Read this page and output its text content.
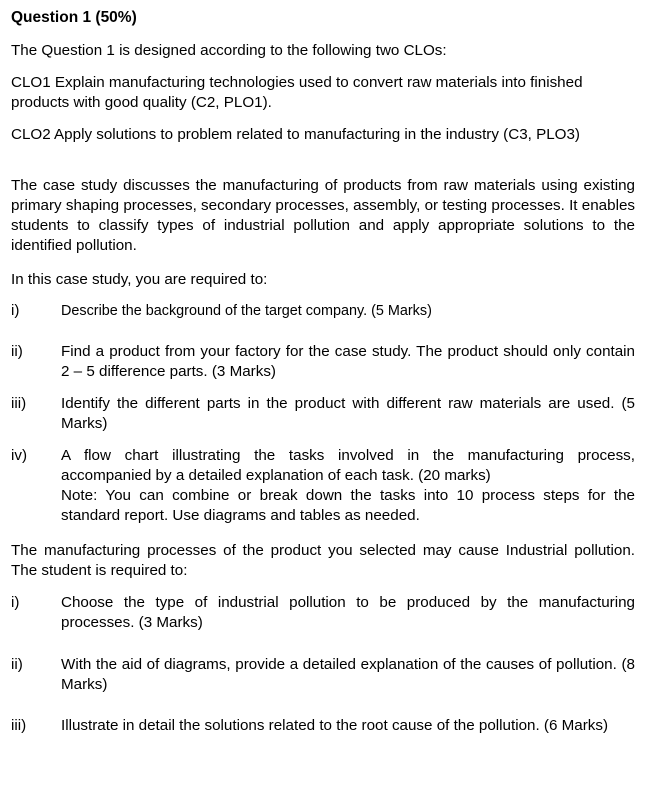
Question 1 (50%)

The Question 1 is designed according to the following two CLOs:

CLO1 Explain manufacturing technologies used to convert raw materials into finished products with good quality (C2, PLO1).

CLO2 Apply solutions to problem related to manufacturing in the industry (C3, PLO3)

The case study discusses the manufacturing of products from raw materials using existing primary shaping processes, secondary processes, assembly, or testing processes. It enables students to classify types of industrial pollution and apply appropriate solutions to the identified pollution.

In this case study, you are required to:

i)	Describe the background of the target company. (5 Marks)
ii)	Find a product from your factory for the case study. The product should only contain 2 – 5 difference parts. (3 Marks)
iii) Identify the different parts in the product with different raw materials are used. (5 Marks)
iv) A flow chart illustrating the tasks involved in the manufacturing process, accompanied by a detailed explanation of each task. (20 marks)
Note: You can combine or break down the tasks into 10 process steps for the standard report. Use diagrams and tables as needed.

The manufacturing processes of the product you selected may cause Industrial pollution. The student is required to:

i)	Choose the type of industrial pollution to be produced by the manufacturing processes. (3 Marks)
ii)	With the aid of diagrams, provide a detailed explanation of the causes of pollution. (8 Marks)
iii) Illustrate in detail the solutions related to the root cause of the pollution. (6 Marks)
